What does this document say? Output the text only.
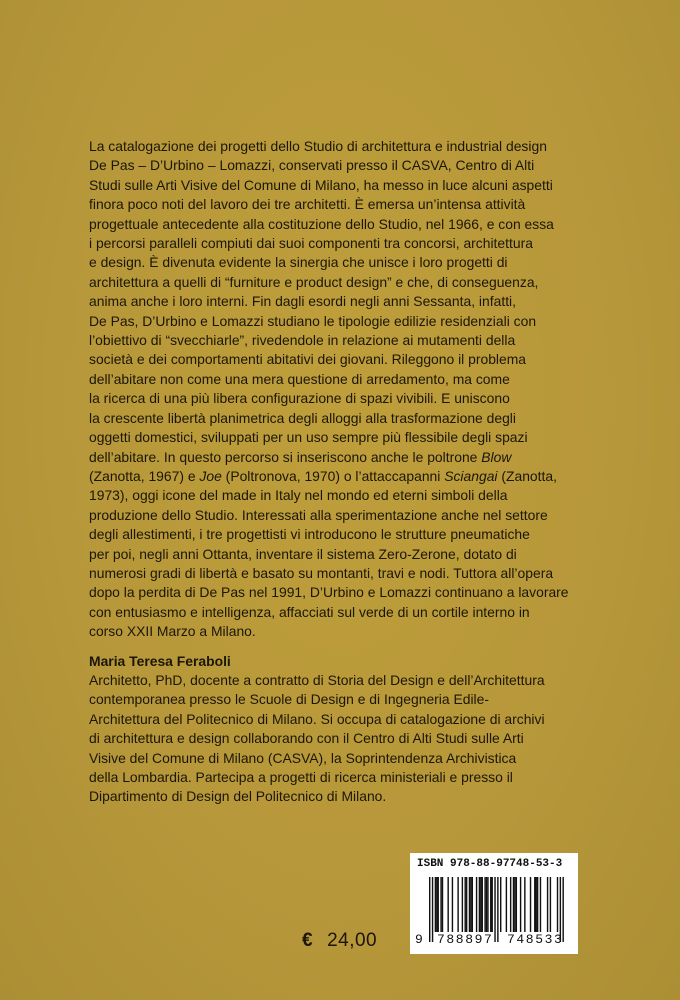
La catalogazione dei progetti dello Studio di architettura e industrial design
De Pas – D’Urbino – Lomazzi, conservati presso il CASVA, Centro di Alti
Studi sulle Arti Visive del Comune di Milano, ha messo in luce alcuni aspetti
finora poco noti del lavoro dei tre architetti. È emersa un’intensa attività
progettuale antecedente alla costituzione dello Studio, nel 1966, e con essa
i percorsi paralleli compiuti dai suoi componenti tra concorsi, architettura
e design. È divenuta evidente la sinergia che unisce i loro progetti di
architettura a quelli di “furniture e product design” e che, di conseguenza,
anima anche i loro interni. Fin dagli esordi negli anni Sessanta, infatti,
De Pas, D’Urbino e Lomazzi studiano le tipologie edilizie residenziali con
l’obiettivo di “svecchiarle”, rivedendole in relazione ai mutamenti della
società e dei comportamenti abitativi dei giovani. Rileggono il problema
dell’abitare non come una mera questione di arredamento, ma come
la ricerca di una più libera configurazione di spazi vivibili. E uniscono
la crescente libertà planimetrica degli alloggi alla trasformazione degli
oggetti domestici, sviluppati per un uso sempre più flessibile degli spazi
dell’abitare. In questo percorso si inseriscono anche le poltrone Blow
(Zanotta, 1967) e Joe (Poltronova, 1970) o l’attaccapanni Sciangai (Zanotta,
1973), oggi icone del made in Italy nel mondo ed eterni simboli della
produzione dello Studio. Interessati alla sperimentazione anche nel settore
degli allestimenti, i tre progettisti vi introducono le strutture pneumatiche
per poi, negli anni Ottanta, inventare il sistema Zero-Zerone, dotato di
numerosi gradi di libertà e basato su montanti, travi e nodi. Tuttora all’opera
dopo la perdita di De Pas nel 1991, D’Urbino e Lomazzi continuano a lavorare
con entusiasmo e intelligenza, affacciati sul verde di un cortile interno in
corso XXII Marzo a Milano.
Maria Teresa Feraboli
Architetto, PhD, docente a contratto di Storia del Design e dell’Architettura
contemporanea presso le Scuole di Design e di Ingegneria Edile-
Architettura del Politecnico di Milano. Si occupa di catalogazione di archivi
di architettura e design collaborando con il Centro di Alti Studi sulle Arti
Visive del Comune di Milano (CASVA), la Soprintendenza Archivistica
della Lombardia. Partecipa a progetti di ricerca ministeriali e presso il
Dipartimento di Design del Politecnico di Milano.
€ 24,00
ISBN 978-88-97748-53-3
9 788897 748533
